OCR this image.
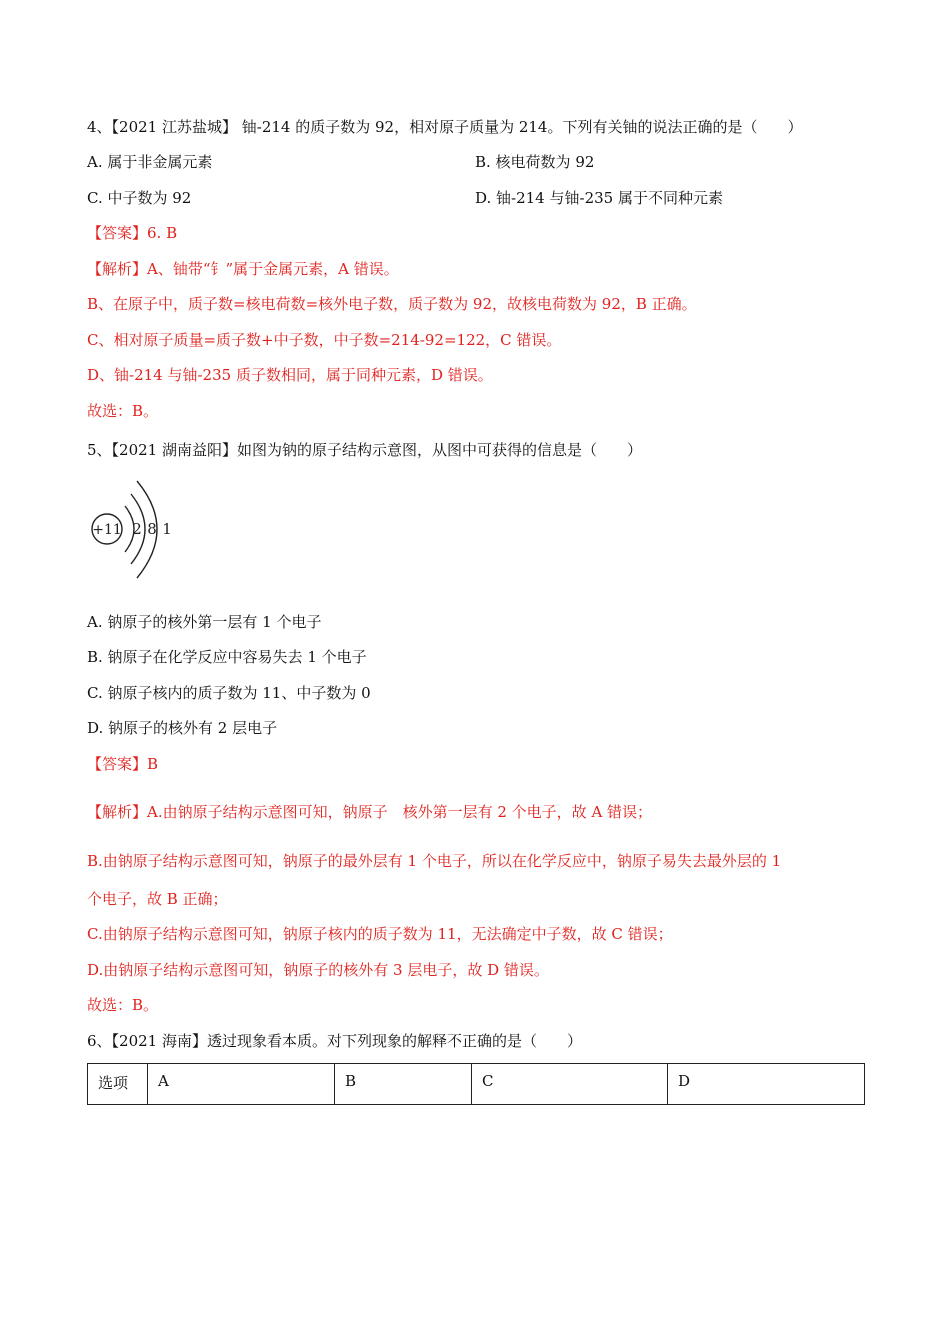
4、【2021 江苏盐城】 铀-214 的质子数为 92，相对原子质量为 214。下列有关铀的说法正确的是（　　）
A. 属于非金属元素	B. 核电荷数为 92
C. 中子数为 92	D. 铀-214 与铀-235 属于不同种元素
【答案】6. B
【解析】A、铀带“钅”属于金属元素，A 错误。
B、在原子中，质子数=核电荷数=核外电子数，质子数为 92，故核电荷数为 92，B 正确。
C、相对原子质量=质子数+中子数，中子数=214-92=122，C 错误。
D、铀-214 与铀-235 质子数相同，属于同种元素，D 错误。
故选：B。
5、【2021 湖南益阳】如图为钠的原子结构示意图，从图中可获得的信息是（　　）
+11 2 8 1
A. 钠原子的核外第一层有 1 个电子
B. 钠原子在化学反应中容易失去 1 个电子
C. 钠原子核内的质子数为 11、中子数为 0
D. 钠原子的核外有 2 层电子
【答案】B
【解析】A.由钠原子结构示意图可知，钠原子　核外第一层有 2 个电子，故 A 错误；
B.由钠原子结构示意图可知，钠原子的最外层有 1 个电子，所以在化学反应中，钠原子易失去最外层的 1
个电子，故 B 正确；
C.由钠原子结构示意图可知，钠原子核内的质子数为 11，无法确定中子数，故 C 错误；
D.由钠原子结构示意图可知，钠原子的核外有 3 层电子，故 D 错误。
故选：B。
6、【2021 海南】透过现象看本质。对下列现象的解释不正确的是（　　）
选项	A	B	C	D
